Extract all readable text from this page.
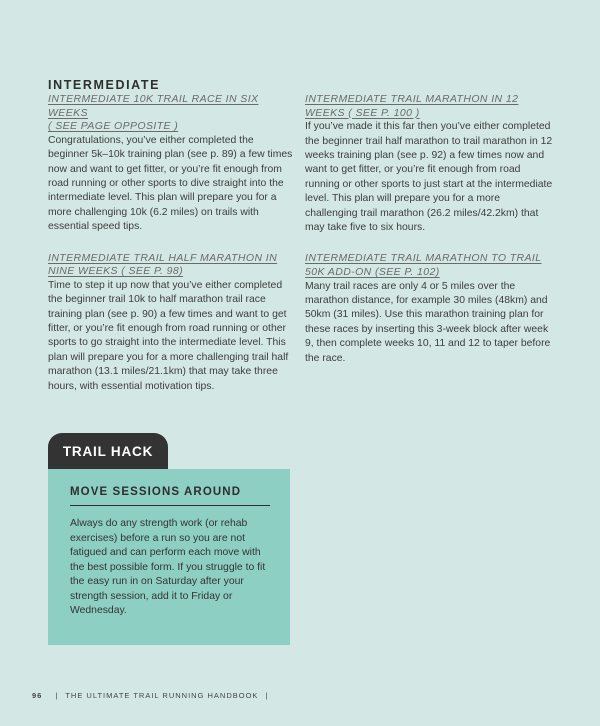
INTERMEDIATE
INTERMEDIATE 10K TRAIL RACE IN SIX WEEKS
( SEE PAGE OPPOSITE )

Congratulations, you’ve either completed the beginner 5k–10k training plan (see p. 89) a few times now and want to get fitter, or you’re fit enough from road running or other sports to dive straight into the intermediate level. This plan will prepare you for a more challenging 10k (6.2 miles) on trails with essential speed tips.

INTERMEDIATE TRAIL HALF MARATHON IN
NINE WEEKS ( SEE P. 98)

Time to step it up now that you’ve either completed the beginner trail 10k to half marathon trail race training plan (see p. 90) a few times and want to get fitter, or you’re fit enough from road running or other sports to go straight into the intermediate level. This plan will prepare you for a more challenging trail half marathon (13.1 miles/21.1km) that may take three hours, with essential motivation tips.

INTERMEDIATE TRAIL MARATHON IN 12
WEEKS ( SEE P. 100 )

If you’ve made it this far then you’ve either completed the beginner trail half marathon to trail marathon in 12 weeks training plan (see p. 92) a few times now and want to get fitter, or you’re fit enough from road running or other sports to just start at the intermediate level. This plan will prepare you for a more challenging trail marathon (26.2 miles/42.2km) that may take five to six hours.

INTERMEDIATE TRAIL MARATHON TO TRAIL
50K ADD-ON (SEE P. 102)

Many trail races are only 4 or 5 miles over the marathon distance, for example 30 miles (48km) and 50km (31 miles). Use this marathon training plan for these races by inserting this 3-week block after week 9, then complete weeks 10, 11 and 12 to taper before the race.

TRAIL HACK
MOVE SESSIONS AROUND

Always do any strength work (or rehab exercises) before a run so you are not fatigued and can perform each move with the best possible form. If you struggle to fit the easy run in on Saturday after your strength session, add it to Friday or Wednesday.

96 | THE ULTIMATE TRAIL RUNNING HANDBOOK |
